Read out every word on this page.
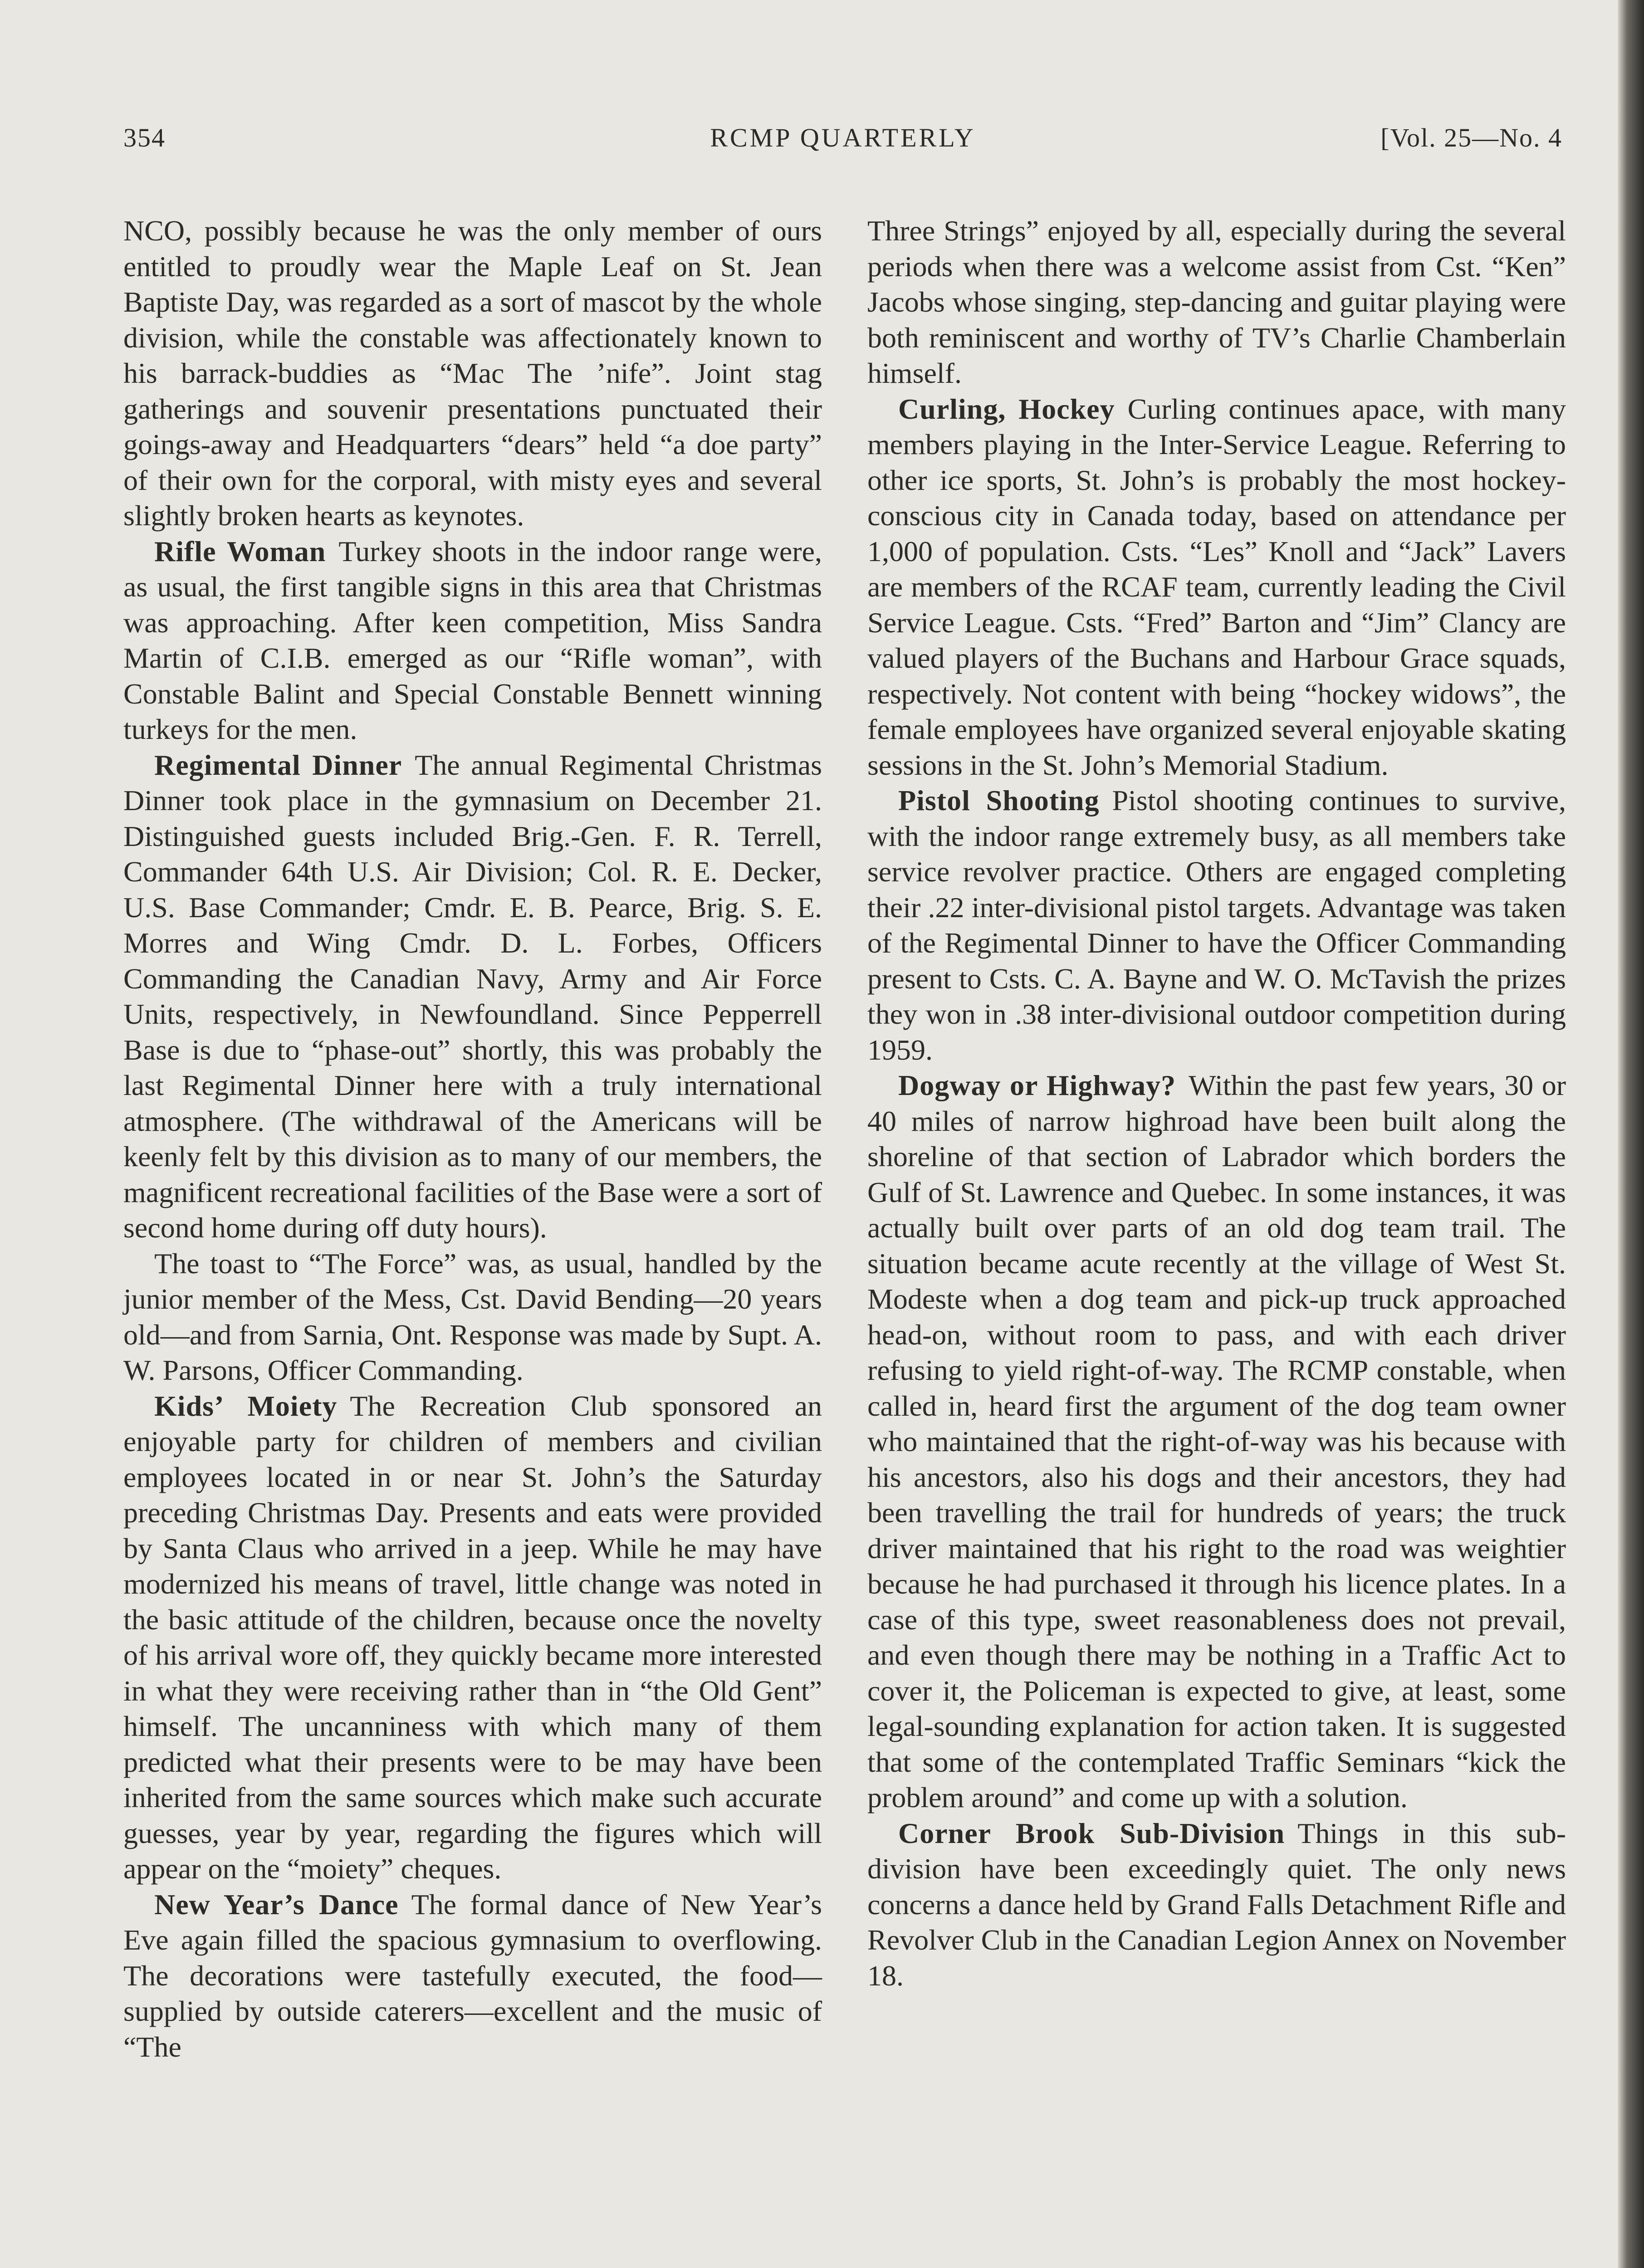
354	RCMP QUARTERLY	[Vol. 25—No. 4

NCO, possibly because he was the only member of ours entitled to proudly wear the Maple Leaf on St. Jean Baptiste Day, was regarded as a sort of mascot by the whole division, while the constable was affectionately known to his barrack-buddies as “Mac The ’nife”. Joint stag gatherings and souvenir presentations punctuated their goings-away and Headquarters “dears” held “a doe party” of their own for the corporal, with misty eyes and several slightly broken hearts as keynotes.

Rifle Woman Turkey shoots in the indoor range were, as usual, the first tangible signs in this area that Christmas was approaching. After keen competition, Miss Sandra Martin of C.I.B. emerged as our “Rifle woman”, with Constable Balint and Special Constable Bennett winning turkeys for the men.

Regimental Dinner The annual Regimental Christmas Dinner took place in the gymnasium on December 21. Distinguished guests included Brig.-Gen. F. R. Terrell, Commander 64th U.S. Air Division; Col. R. E. Decker, U.S. Base Commander; Cmdr. E. B. Pearce, Brig. S. E. Morres and Wing Cmdr. D. L. Forbes, Officers Commanding the Canadian Navy, Army and Air Force Units, respectively, in Newfoundland. Since Pepperrell Base is due to “phase-out” shortly, this was probably the last Regimental Dinner here with a truly international atmosphere. (The withdrawal of the Americans will be keenly felt by this division as to many of our members, the magnificent recreational facilities of the Base were a sort of second home during off duty hours).

The toast to “The Force” was, as usual, handled by the junior member of the Mess, Cst. David Bending—20 years old—and from Sarnia, Ont. Response was made by Supt. A. W. Parsons, Officer Commanding.

Kids’ Moiety The Recreation Club sponsored an enjoyable party for children of members and civilian employees located in or near St. John’s the Saturday preceding Christmas Day. Presents and eats were provided by Santa Claus who arrived in a jeep. While he may have modernized his means of travel, little change was noted in the basic attitude of the children, because once the novelty of his arrival wore off, they quickly became more interested in what they were receiving rather than in “the Old Gent” himself. The uncanniness with which many of them predicted what their presents were to be may have been inherited from the same sources which make such accurate guesses, year by year, regarding the figures which will appear on the “moiety” cheques.

New Year’s Dance The formal dance of New Year’s Eve again filled the spacious gymnasium to overflowing. The decorations were tastefully executed, the food—supplied by outside caterers—excellent and the music of “The

Three Strings” enjoyed by all, especially during the several periods when there was a welcome assist from Cst. “Ken” Jacobs whose singing, step-dancing and guitar playing were both reminiscent and worthy of TV’s Charlie Chamberlain himself.

Curling, Hockey Curling continues apace, with many members playing in the Inter-Service League. Referring to other ice sports, St. John’s is probably the most hockey-conscious city in Canada today, based on attendance per 1,000 of population. Csts. “Les” Knoll and “Jack” Lavers are members of the RCAF team, currently leading the Civil Service League. Csts. “Fred” Barton and “Jim” Clancy are valued players of the Buchans and Harbour Grace squads, respectively. Not content with being “hockey widows”, the female employees have organized several enjoyable skating sessions in the St. John’s Memorial Stadium.

Pistol Shooting Pistol shooting continues to survive, with the indoor range extremely busy, as all members take service revolver practice. Others are engaged completing their .22 inter-divisional pistol targets. Advantage was taken of the Regimental Dinner to have the Officer Commanding present to Csts. C. A. Bayne and W. O. McTavish the prizes they won in .38 inter-divisional outdoor competition during 1959.

Dogway or Highway? Within the past few years, 30 or 40 miles of narrow highroad have been built along the shoreline of that section of Labrador which borders the Gulf of St. Lawrence and Quebec. In some instances, it was actually built over parts of an old dog team trail. The situation became acute recently at the village of West St. Modeste when a dog team and pick-up truck approached head-on, without room to pass, and with each driver refusing to yield right-of-way. The RCMP constable, when called in, heard first the argument of the dog team owner who maintained that the right-of-way was his because with his ancestors, also his dogs and their ancestors, they had been travelling the trail for hundreds of years; the truck driver maintained that his right to the road was weightier because he had purchased it through his licence plates. In a case of this type, sweet reasonableness does not prevail, and even though there may be nothing in a Traffic Act to cover it, the Policeman is expected to give, at least, some legal-sounding explanation for action taken. It is suggested that some of the contemplated Traffic Seminars “kick the problem around” and come up with a solution.

Corner Brook Sub-Division Things in this sub-division have been exceedingly quiet. The only news concerns a dance held by Grand Falls Detachment Rifle and Revolver Club in the Canadian Legion Annex on November 18.
